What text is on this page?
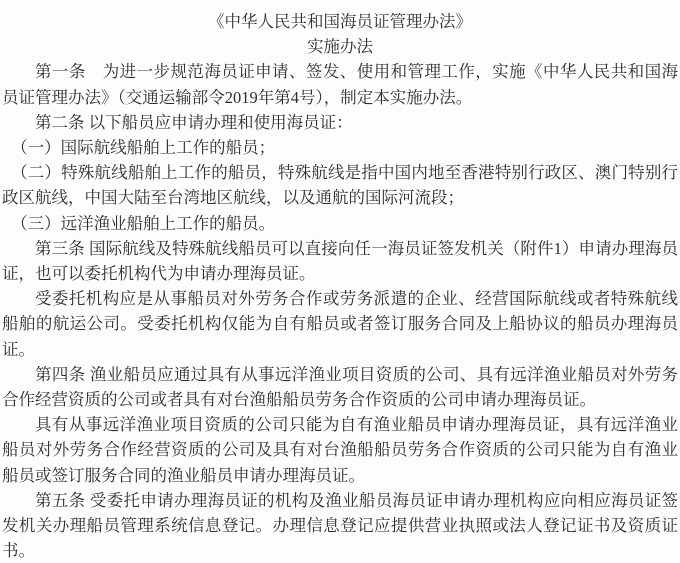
《中华人民共和国海员证管理办法》

实施办法

第一条　为进一步规范海员证申请、签发、使用和管理工作，实施《中华人民共和国海员证管理办法》（交通运输部令2019年第4号），制定本实施办法。

第二条 以下船员应申请办理和使用海员证：

（一）国际航线船舶上工作的船员；

（二）特殊航线船舶上工作的船员，特殊航线是指中国内地至香港特别行政区、澳门特别行政区航线，中国大陆至台湾地区航线，以及通航的国际河流段；

（三）远洋渔业船舶上工作的船员。

第三条 国际航线及特殊航线船员可以直接向任一海员证签发机关（附件1）申请办理海员证，也可以委托机构代为申请办理海员证。

受委托机构应是从事船员对外劳务合作或劳务派遣的企业、经营国际航线或者特殊航线船舶的航运公司。受委托机构仅能为自有船员或者签订服务合同及上船协议的船员办理海员证。

第四条 渔业船员应通过具有从事远洋渔业项目资质的公司、具有远洋渔业船员对外劳务合作经营资质的公司或者具有对台渔船船员劳务合作资质的公司申请办理海员证。

具有从事远洋渔业项目资质的公司只能为自有渔业船员申请办理海员证，具有远洋渔业船员对外劳务合作经营资质的公司及具有对台渔船船员劳务合作资质的公司只能为自有渔业船员或签订服务合同的渔业船员申请办理海员证。

第五条 受委托申请办理海员证的机构及渔业船员海员证申请办理机构应向相应海员证签发机关办理船员管理系统信息登记。办理信息登记应提供营业执照或法人登记证书及资质证书。
